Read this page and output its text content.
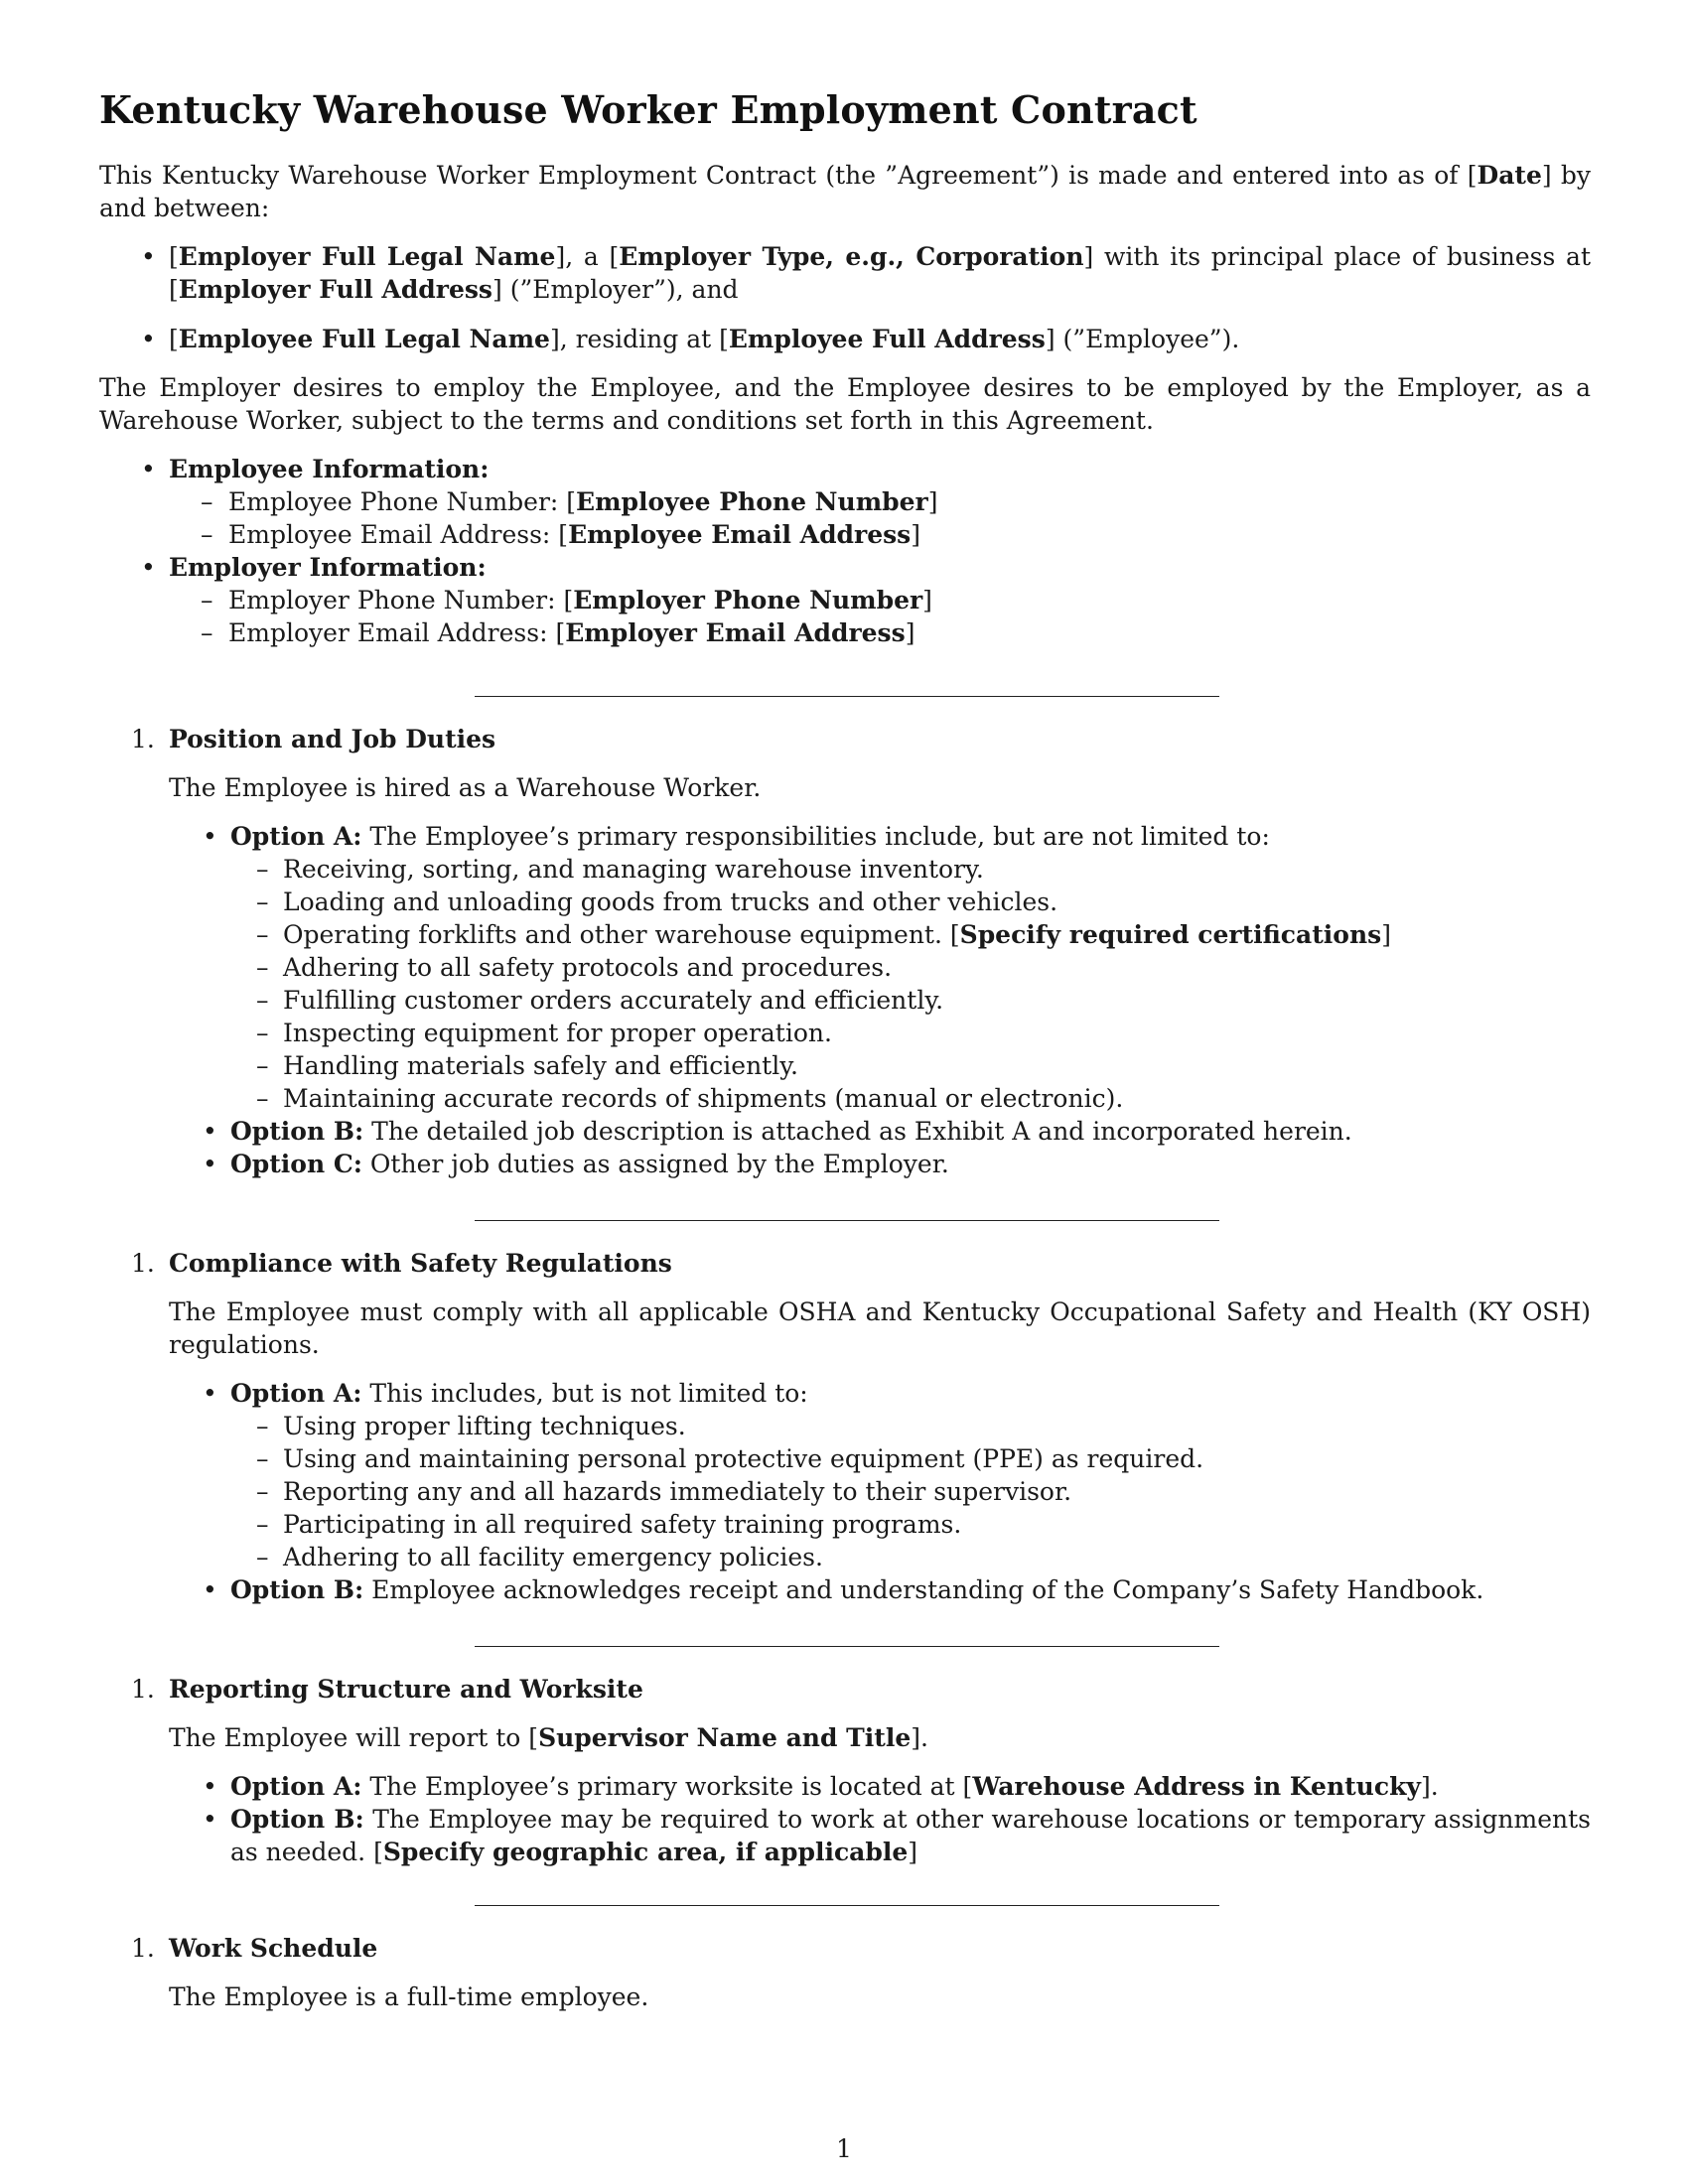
Kentucky Warehouse Worker Employment Contract

This Kentucky Warehouse Worker Employment Contract (the ”Agreement”) is made and entered into as of [Date] by and between:

• [Employer Full Legal Name], a [Employer Type, e.g., Corporation] with its principal place of business at [Employer Full Address] (”Employer”), and
• [Employee Full Legal Name], residing at [Employee Full Address] (”Employee”).

The Employer desires to employ the Employee, and the Employee desires to be employed by the Employer, as a Warehouse Worker, subject to the terms and conditions set forth in this Agreement.

• Employee Information:
– Employee Phone Number: [Employee Phone Number]
– Employee Email Address: [Employee Email Address]
• Employer Information:
– Employer Phone Number: [Employer Phone Number]
– Employer Email Address: [Employer Email Address]
1. Position and Job Duties

The Employee is hired as a Warehouse Worker.

• Option A: The Employee’s primary responsibilities include, but are not limited to:
– Receiving, sorting, and managing warehouse inventory.
– Loading and unloading goods from trucks and other vehicles.
– Operating forklifts and other warehouse equipment. [Specify required certifications]
– Adhering to all safety protocols and procedures.
– Fulfilling customer orders accurately and efficiently.
– Inspecting equipment for proper operation.
– Handling materials safely and efficiently.
– Maintaining accurate records of shipments (manual or electronic).
• Option B: The detailed job description is attached as Exhibit A and incorporated herein.
• Option C: Other job duties as assigned by the Employer.
1. Compliance with Safety Regulations

The Employee must comply with all applicable OSHA and Kentucky Occupational Safety and Health (KY OSH) regulations.

• Option A: This includes, but is not limited to:
– Using proper lifting techniques.
– Using and maintaining personal protective equipment (PPE) as required.
– Reporting any and all hazards immediately to their supervisor.
– Participating in all required safety training programs.
– Adhering to all facility emergency policies.
• Option B: Employee acknowledges receipt and understanding of the Company’s Safety Handbook.
1. Reporting Structure and Worksite

The Employee will report to [Supervisor Name and Title].

• Option A: The Employee’s primary worksite is located at [Warehouse Address in Kentucky].
• Option B: The Employee may be required to work at other warehouse locations or temporary assignments as needed. [Specify geographic area, if applicable]
1. Work Schedule

The Employee is a full-time employee.

1
